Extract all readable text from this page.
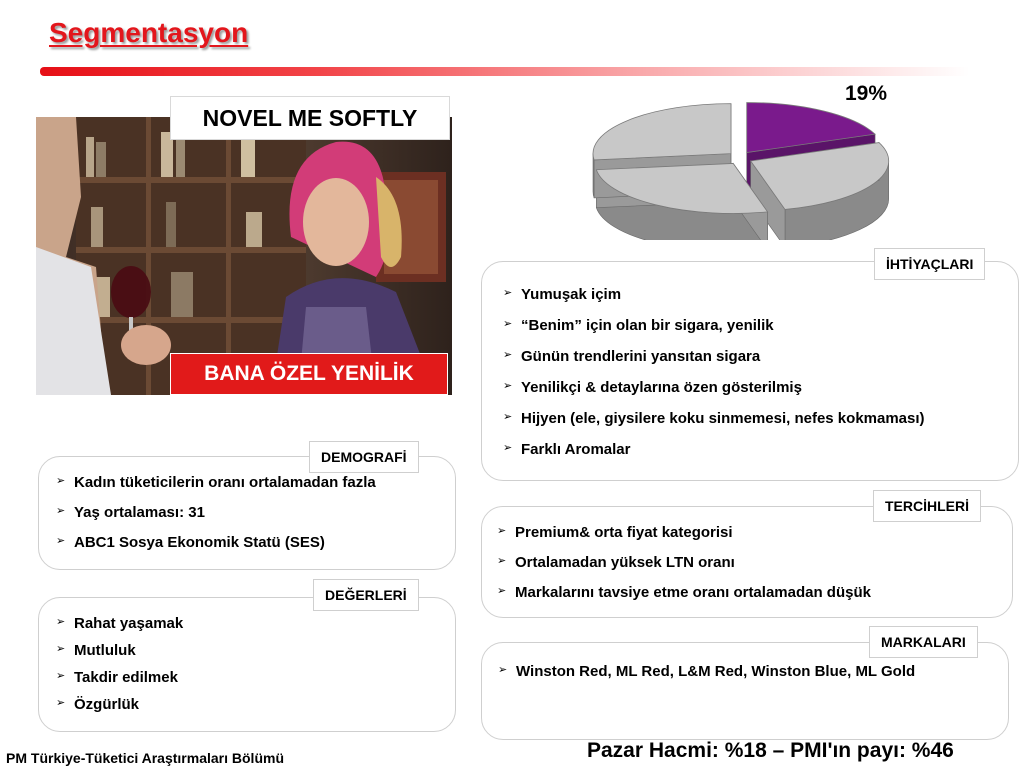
Segmentasyon
NOVEL ME SOFTLY
BANA ÖZEL YENİLİK
19%
İHTİYAÇLARI
➢ Yumuşak içim
➢ “Benim” için olan bir sigara, yenilik
➢ Günün trendlerini yansıtan sigara
➢ Yenilikçi & detaylarına özen gösterilmiş
➢ Hijyen (ele, giysilere koku sinmemesi, nefes kokmaması)
➢ Farklı Aromalar
DEMOGRAFİ
➢ Kadın tüketicilerin oranı ortalamadan fazla
➢ Yaş ortalaması: 31
➢ ABC1 Sosya Ekonomik Statü (SES)
TERCİHLERİ
➢ Premium& orta fiyat kategorisi
➢ Ortalamadan yüksek LTN oranı
➢ Markalarını tavsiye etme oranı ortalamadan düşük
DEĞERLERİ
➢ Rahat yaşamak
➢ Mutluluk
➢ Takdir edilmek
➢ Özgürlük
MARKALARI
➢ Winston Red, ML Red, L&M Red, Winston Blue, ML Gold
PM Türkiye-Tüketici Araştırmaları Bölümü	Pazar Hacmi: %18 – PMI'ın payı: %46
